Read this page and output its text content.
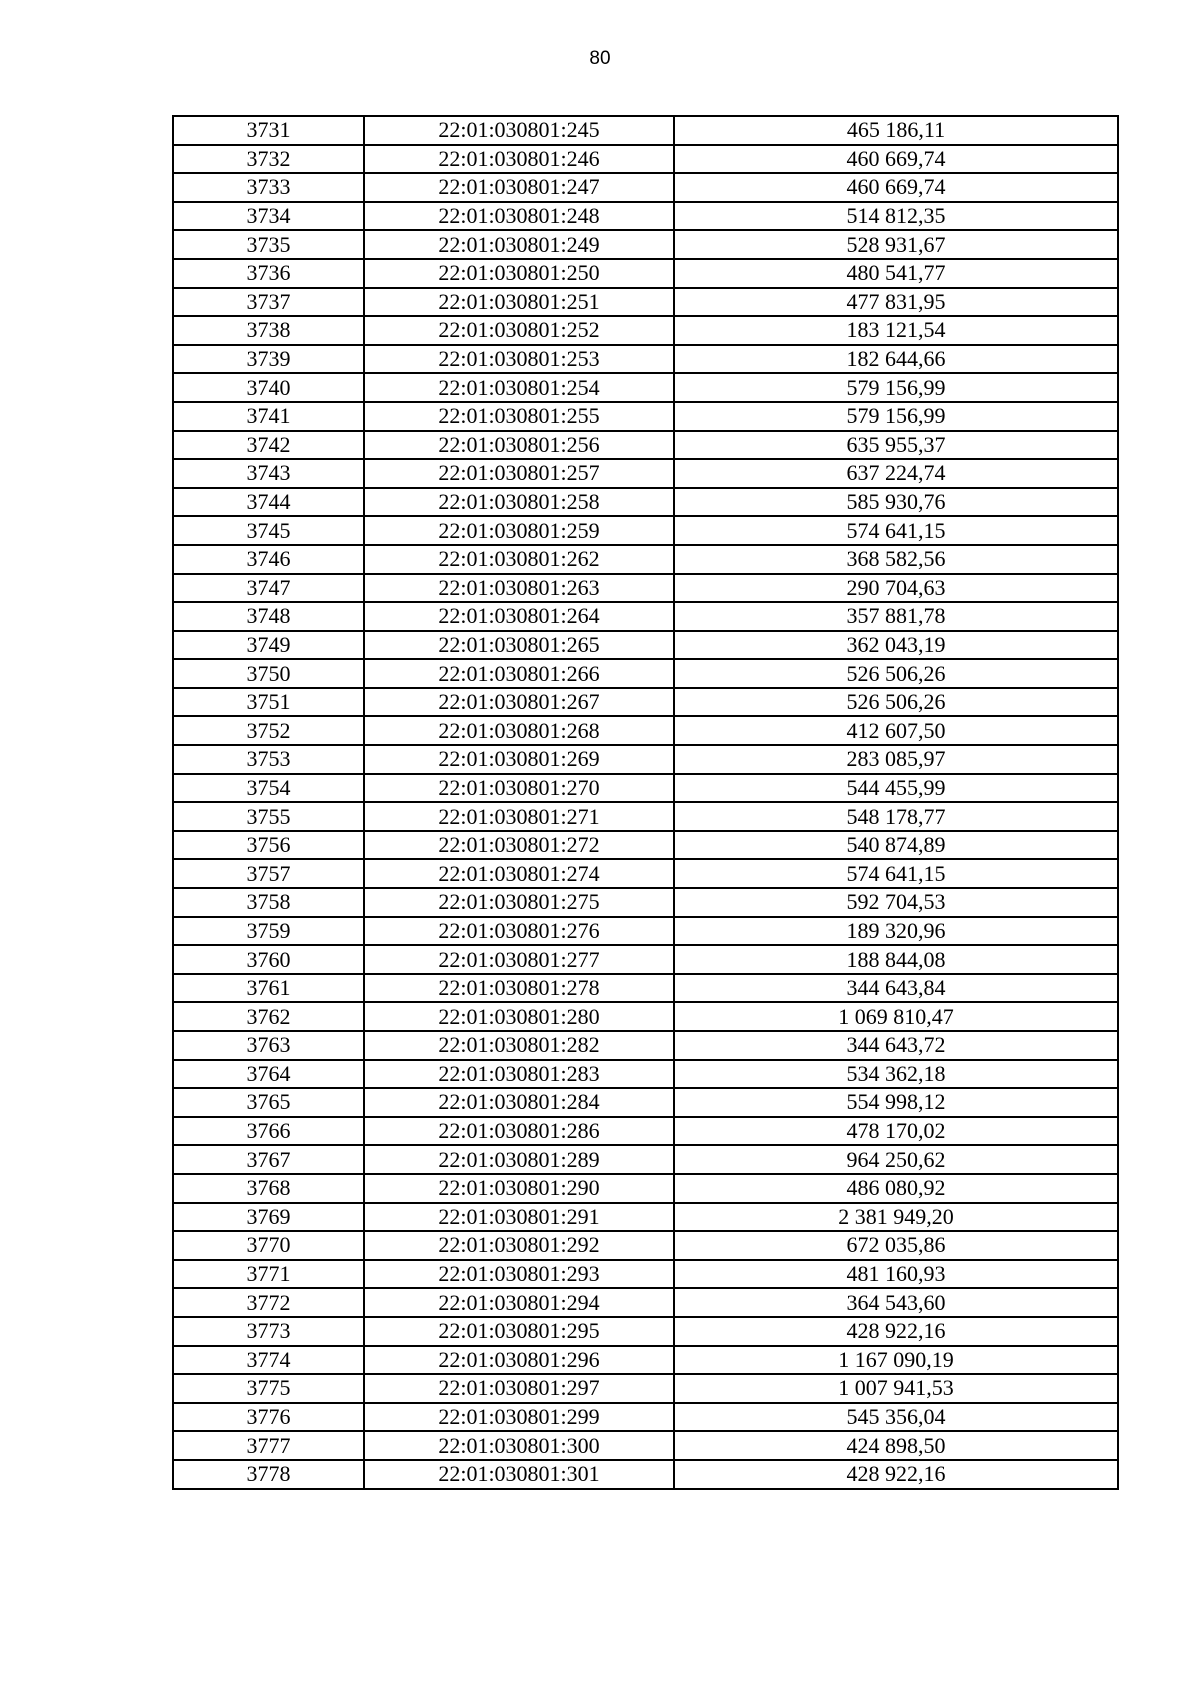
80
3731	22:01:030801:245	465 186,11
3732	22:01:030801:246	460 669,74
3733	22:01:030801:247	460 669,74
3734	22:01:030801:248	514 812,35
3735	22:01:030801:249	528 931,67
3736	22:01:030801:250	480 541,77
3737	22:01:030801:251	477 831,95
3738	22:01:030801:252	183 121,54
3739	22:01:030801:253	182 644,66
3740	22:01:030801:254	579 156,99
3741	22:01:030801:255	579 156,99
3742	22:01:030801:256	635 955,37
3743	22:01:030801:257	637 224,74
3744	22:01:030801:258	585 930,76
3745	22:01:030801:259	574 641,15
3746	22:01:030801:262	368 582,56
3747	22:01:030801:263	290 704,63
3748	22:01:030801:264	357 881,78
3749	22:01:030801:265	362 043,19
3750	22:01:030801:266	526 506,26
3751	22:01:030801:267	526 506,26
3752	22:01:030801:268	412 607,50
3753	22:01:030801:269	283 085,97
3754	22:01:030801:270	544 455,99
3755	22:01:030801:271	548 178,77
3756	22:01:030801:272	540 874,89
3757	22:01:030801:274	574 641,15
3758	22:01:030801:275	592 704,53
3759	22:01:030801:276	189 320,96
3760	22:01:030801:277	188 844,08
3761	22:01:030801:278	344 643,84
3762	22:01:030801:280	1 069 810,47
3763	22:01:030801:282	344 643,72
3764	22:01:030801:283	534 362,18
3765	22:01:030801:284	554 998,12
3766	22:01:030801:286	478 170,02
3767	22:01:030801:289	964 250,62
3768	22:01:030801:290	486 080,92
3769	22:01:030801:291	2 381 949,20
3770	22:01:030801:292	672 035,86
3771	22:01:030801:293	481 160,93
3772	22:01:030801:294	364 543,60
3773	22:01:030801:295	428 922,16
3774	22:01:030801:296	1 167 090,19
3775	22:01:030801:297	1 007 941,53
3776	22:01:030801:299	545 356,04
3777	22:01:030801:300	424 898,50
3778	22:01:030801:301	428 922,16
